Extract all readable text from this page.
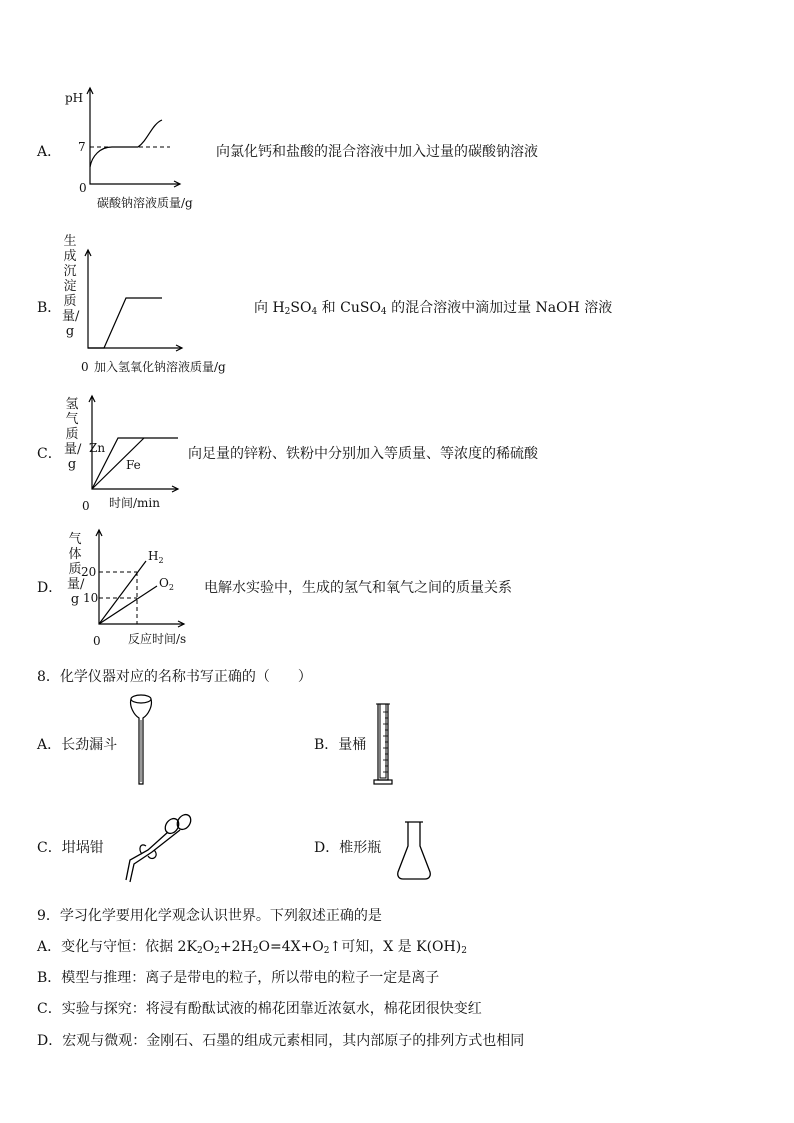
A．
pH
7
0
碳酸钠溶液质量/g
向氯化钙和盐酸的混合溶液中加入过量的碳酸钠溶液
B．
生成沉淀质量/g
0 加入氢氧化钠溶液质量/g
向 $H_2SO_4$ 和 CuSO$_4$ 的混合溶液中滴加过量 NaOH 溶液
C．
氢气质量/g
Zn
Fe
0 时间/min
向足量的锌粉、铁粉中分别加入等质量、等浓度的稀硫酸
D．
气体质量/g
20
10
0
$H_2$
$O_2$
反应时间/s
电解水实验中，生成的氢气和氧气之间的质量关系
8．化学仪器对应的名称书写正确的（　　）
A．长劲漏斗	B．量桶
C．坩埚钳	D．椎形瓶
9．学习化学要用化学观念认识世界。下列叙述正确的是
A．变化与守恒：依据 $2K_2O_2+2H_2O=4X+O_2↑$可知，X 是 $K(OH)_2$
B．模型与推理：离子是带电的粒子，所以带电的粒子一定是离子
C．实验与探究：将浸有酚酞试液的棉花团靠近浓氨水，棉花团很快变红
D．宏观与微观：金刚石、石墨的组成元素相同，其内部原子的排列方式也相同
